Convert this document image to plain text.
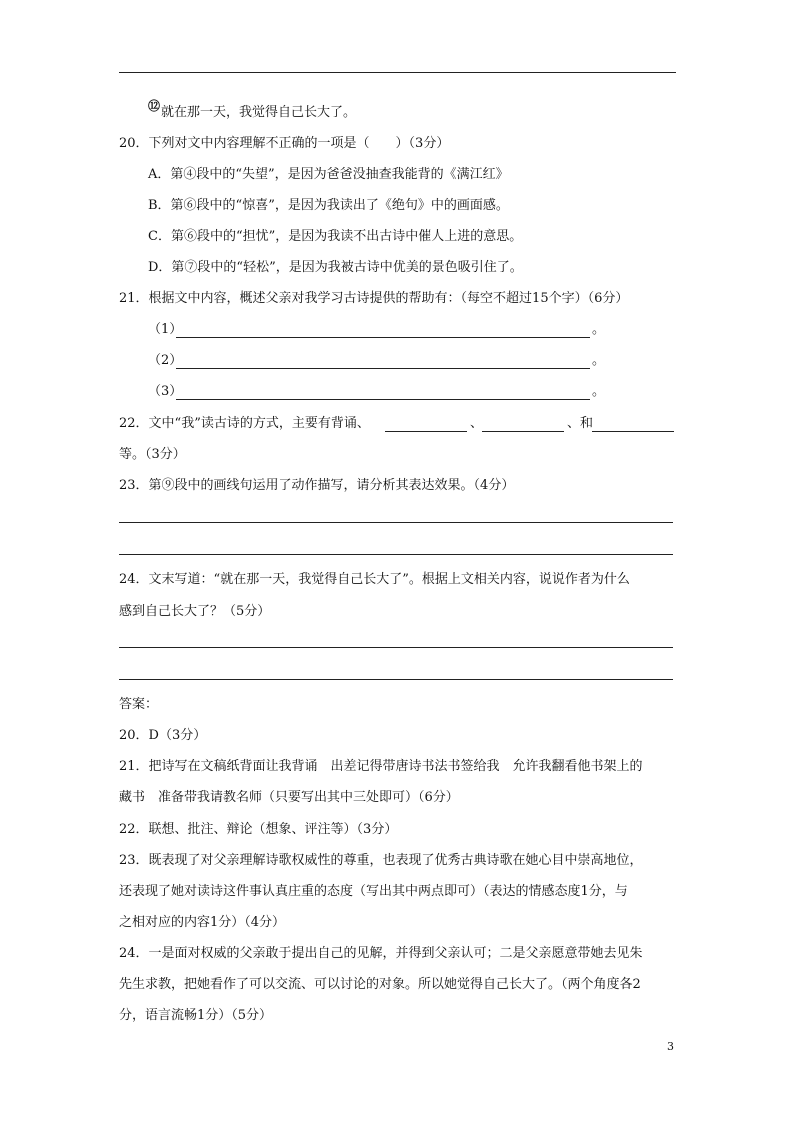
⑫就在那一天，我觉得自己长大了。
20．下列对文中内容理解不正确的一项是（　　）（3分）
A．第④段中的“失望”，是因为爸爸没抽查我能背的《满江红》
B．第⑥段中的“惊喜”，是因为我读出了《绝句》中的画面感。
C．第⑥段中的“担忧”，是因为我读不出古诗中催人上进的意思。
D．第⑦段中的“轻松”，是因为我被古诗中优美的景色吸引住了。
21．根据文中内容，概述父亲对我学习古诗提供的帮助有：（每空不超过15个字）（6分）
（1）	。
（2）	。
（3）	。
22．文中“我”读古诗的方式，主要有背诵、	、	、和
等。（3分）
23．第⑨段中的画线句运用了动作描写，请分析其表达效果。（4分）
24．文末写道：“就在那一天，我觉得自己长大了”。根据上文相关内容，说说作者为什么
感到自己长大了？（5分）
答案：
20．D（3分）
21．把诗写在文稿纸背面让我背诵　出差记得带唐诗书法书签给我　允许我翻看他书架上的
藏书　准备带我请教名师（只要写出其中三处即可）（6分）
22．联想、批注、辩论（想象、评注等）（3分）
23．既表现了对父亲理解诗歌权威性的尊重，也表现了优秀古典诗歌在她心目中崇高地位，
还表现了她对读诗这件事认真庄重的态度（写出其中两点即可）（表达的情感态度1分，与
之相对应的内容1分）（4分）
24．一是面对权威的父亲敢于提出自己的见解，并得到父亲认可；二是父亲愿意带她去见朱
先生求教，把她看作了可以交流、可以讨论的对象。所以她觉得自己长大了。（两个角度各2
分，语言流畅1分）（5分）
3
